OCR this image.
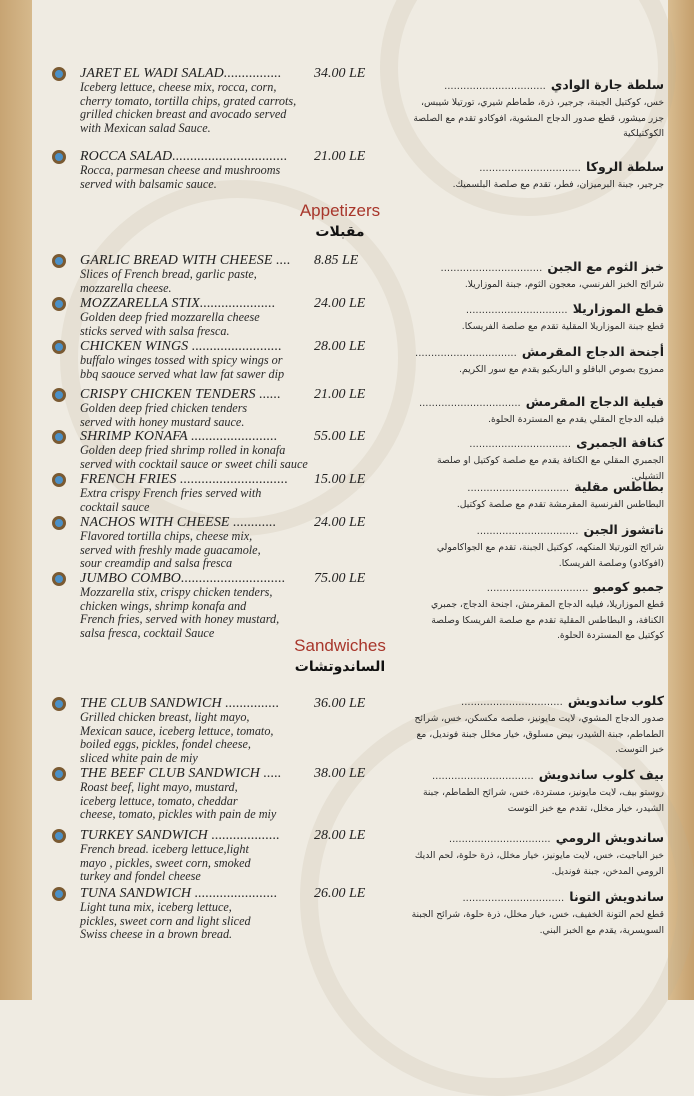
Appetizers
مقبلات
Sandwiches
الساندوتشات
JARET EL WADI SALAD................ 34.00 LE
Iceberg lettuce, cheese mix, rocca, corn,
cherry tomato, tortilla chips, grated carrots,
grilled chicken breast and avocado served
with Mexican salad Sauce.
سلطة جارة الوادي ................................
خس، كوكتيل الجبنة، جرجير، ذرة، طماطم شيري، تورتيلا شيبس، جزر ميشور، قطع صدور الدجاج المشوية، افوكادو تقدم مع الصلصة الكوكتيلكية
ROCCA SALAD................................ 21.00 LE
Rocca, parmesan cheese and mushrooms
served with balsamic sauce.
سلطة الروكا ................................
جرجير، جبنة البرميزان، فطر، تقدم مع صلصة البلسميك.
GARLIC BREAD WITH CHEESE .... 8.85 LE
Slices of French bread, garlic paste,
mozzarella cheese.
خبز الثوم مع الجبن ................................
شرائح الخبز الفرنسي، معجون الثوم، جبنة الموزاريلا.
MOZZARELLA STIX.....................	24.00 LE
Golden deep fried mozzarella cheese
sticks served with salsa fresca.
قطع الموزاريلا ................................
قطع جبنة الموزاريلا المقلية تقدم مع صلصة الفريسكا.
CHICKEN WINGS ......................... 28.00 LE
buffalo winges tossed with spicy wings or
bbq saouce served what law fat sawer dip
أجنحة الدجاج المقرمش ................................
ممزوج بصوص البافلو و الباربكيو يقدم مع سور الكريم.
CRISPY CHICKEN TENDERS ...... 21.00 LE
Golden deep fried chicken tenders
served with honey mustard sauce.
فيلية الدجاج المقرمش ................................
فيليه الدجاج المقلي يقدم مع المستردة الحلوة.
SHRIMP KONAFA ........................	55.00 LE
Golden deep fried shrimp rolled in konafa
served with cocktail sauce or sweet chili sauce
كنافة الجمبرى ................................
الجمبري المقلي مع الكنافة يقدم مع صلصة كوكتيل او صلصة التشيلي.
FRENCH FRIES .............................. 15.00 LE
Extra crispy French fries served with
cocktail sauce
بطاطس مقلية ................................
البطاطس الفرنسية المقرمشة تقدم مع صلصة كوكتيل.
NACHOS WITH CHEESE ............	24.00 LE
Flavored tortilla chips, cheese mix,
served with freshly made guacamole,
sour creamdip and salsa fresca
ناتشوز الجبن ................................
شرائح التورتيلا المنكهه، كوكتيل الجبنة، تقدم مع الجواكامولي (افوكادو) وصلصة الفريسكا.
JUMBO COMBO............................. 75.00 LE
Mozzarella stix, crispy chicken tenders,
chicken wings, shrimp konafa and
French fries, served with honey mustard,
salsa fresca, cocktail Sauce
جمبو كومبو ................................
قطع الموزاريلا، فيليه الدجاج المقرمش، اجنحة الدجاج، جمبري الكنافة، و البطاطس المقلية تقدم مع صلصة الفريسكا وصلصة كوكتيل مع المستردة الحلوة.
THE CLUB SANDWICH ............... 36.00 LE
Grilled chicken breast, light mayo,
Mexican sauce, iceberg lettuce, tomato,
boiled eggs, pickles, fondel cheese,
sliced white pain de miy
كلوب ساندويش ................................
صدور الدجاج المشوي، لايت مايونيز، صلصه مكسكن، خس، شرائح الطماطم، جبنة الشيدر، بيض مسلوق، خيار مخلل جبنة فونديل، مع خبز التوست.
THE BEEF CLUB SANDWICH ..... 38.00 LE
Roast beef, light mayo, mustard,
iceberg lettuce, tomato, cheddar
cheese, tomato, pickles with pain de miy
بيف كلوب ساندويش ................................
روستو بيف، لايت مايونيز، مستردة، خس، شرائح الطماطم، جبنة الشيدر، خيار مخلل، تقدم مع خبز التوست
TURKEY SANDWICH ................... 28.00 LE
French bread. iceberg lettuce,light
mayo , pickles, sweet corn, smoked
turkey and fondel cheese
ساندويش الرومي ................................
خبز الباجيت، خس، لايت مايونيز، خيار مخلل، ذرة حلوة، لحم الديك الرومي المدخن، جبنة فونديل.
TUNA SANDWICH .......................	26.00 LE
Light tuna mix, iceberg lettuce,
pickles, sweet corn and light sliced
Swiss cheese in a brown bread.
ساندويش التونا ................................
قطع لحم التونة الخفيف، خس، خيار مخلل، ذرة حلوة، شرائح الجبنة السويسرية، يقدم مع الخبز البني.
